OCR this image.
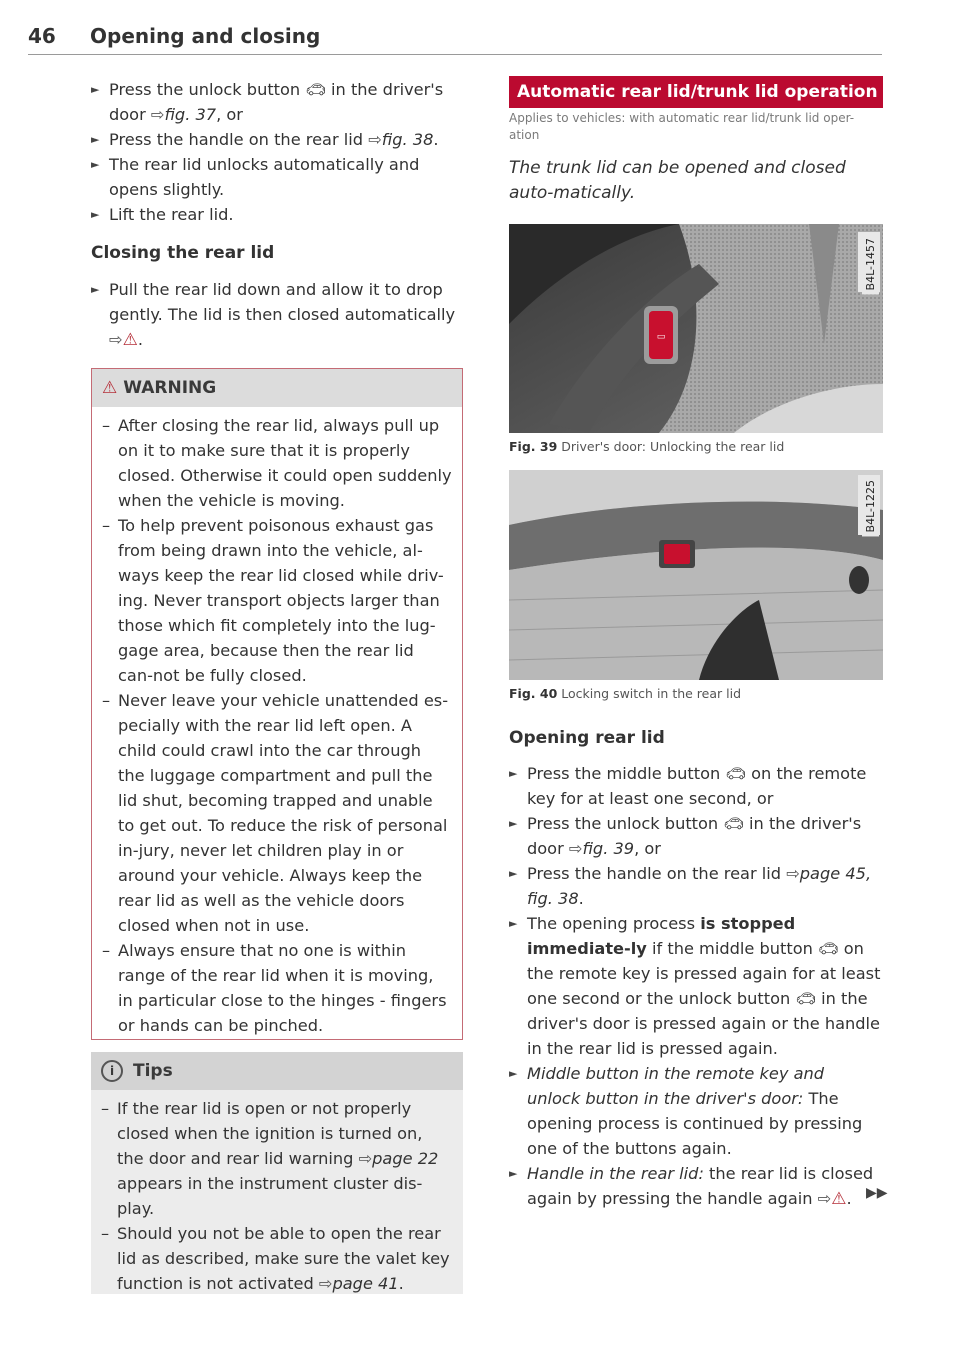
46 Opening and closing

► Press the unlock button 🚗︎ in the driver's door ⇨fig. 37, or

► Press the handle on the rear lid ⇨fig. 38.

► The rear lid unlocks automatically and opens slightly.

► Lift the rear lid.

Closing the rear lid

► Pull the rear lid down and allow it to drop gently. The lid is then closed automatically
⇨⚠.

⚠ WARNING

– After closing the rear lid, always pull up on it to make sure that it is properly closed. Otherwise it could open suddenly when the vehicle is moving.

– To help prevent poisonous exhaust gas from being drawn into the vehicle, al-ways keep the rear lid closed while driv-ing. Never transport objects larger than those which fit completely into the lug-gage area, because then the rear lid can-not be fully closed.

– Never leave your vehicle unattended es-pecially with the rear lid left open. A child could crawl into the car through the luggage compartment and pull the lid shut, becoming trapped and unable to get out. To reduce the risk of personal in-jury, never let children play in or around your vehicle. Always keep the rear lid as well as the vehicle doors closed when not in use.

– Always ensure that no one is within range of the rear lid when it is moving, in particular close to the hinges - fingers or hands can be pinched.

i Tips

– If the rear lid is open or not properly closed when the ignition is turned on, the door and rear lid warning ⇨page 22 appears in the instrument cluster dis-play.

– Should you not be able to open the rear lid as described, make sure the valet key function is not activated ⇨page 41.

Automatic rear lid/trunk lid operation
Applies to vehicles: with automatic rear lid/trunk lid oper-ation
The trunk lid can be opened and closed auto-matically.
▭
B4L-1457
Fig. 39 Driver's door: Unlocking the rear lid
B4L-1225
Fig. 40 Locking switch in the rear lid

Opening rear lid

► Press the middle button 🚗︎ on the remote key for at least one second, or

► Press the unlock button 🚗︎ in the driver's door ⇨fig. 39, or

► Press the handle on the rear lid ⇨page 45, fig. 38.

► The opening process is stopped immediate-ly if the middle button 🚗︎ on the remote key is pressed again for at least one second or the unlock button 🚗︎ in the driver's door is pressed again or the handle in the rear lid is pressed again.

► Middle button in the remote key and unlock button in the driver's door: The opening process is continued by pressing one of the buttons again.

► Handle in the rear lid: the rear lid is closed again by pressing the handle again ⇨⚠.	▶▶
